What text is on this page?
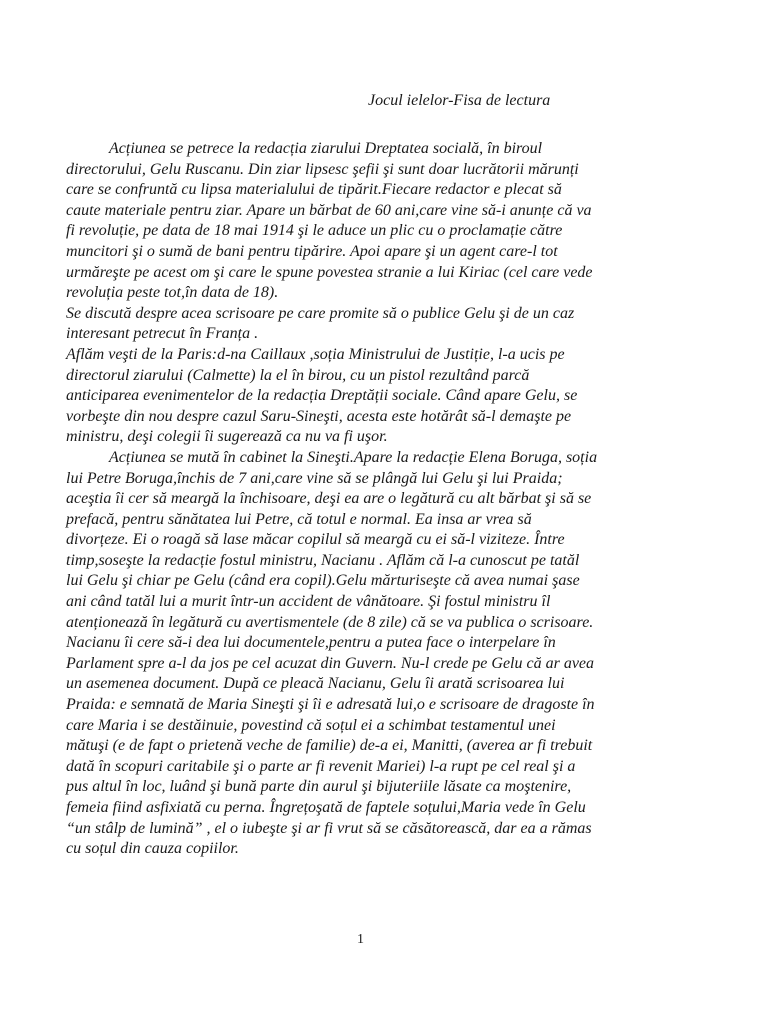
Jocul ielelor-Fisa de lectura
Acțiunea se petrece la redacția ziarului Dreptatea socială, în biroul
directorului, Gelu Ruscanu. Din ziar lipsesc şefii şi sunt doar lucrătorii mărunți
care se confruntă cu lipsa materialului de tipărit.Fiecare redactor e plecat să
caute materiale pentru ziar. Apare un bărbat de 60 ani,care vine să-i anunțe că va
fi revoluție, pe data de 18 mai 1914 şi le aduce un plic cu o proclamație către
muncitori şi o sumă de bani pentru tipărire. Apoi apare şi un agent care-l tot
urmăreşte pe acest om şi care le spune povestea stranie a lui Kiriac (cel care vede
revoluția peste tot,în data de 18).
Se discută despre acea scrisoare pe care promite să o publice Gelu şi de un caz
interesant petrecut în Franța .
Aflăm veşti de la Paris:d-na Caillaux ,soția Ministrului de Justiție, l-a ucis pe
directorul ziarului (Calmette) la el în birou, cu un pistol rezultând parcă
anticiparea evenimentelor de la redacția Dreptății sociale. Când apare Gelu, se
vorbeşte din nou despre cazul Saru-Sineşti, acesta este hotărât să-l demaşte pe
ministru, deşi colegii îi sugerează ca nu va fi uşor.
Acțiunea se mută în cabinet la Sineşti.Apare la redacție Elena Boruga, soția
lui Petre Boruga,închis de 7 ani,care vine să se plângă lui Gelu şi lui Praida;
aceştia îi cer să meargă la închisoare, deşi ea are o legătură cu alt bărbat şi să se
prefacă, pentru sănătatea lui Petre, că totul e normal. Ea insa ar vrea să
divorțeze. Ei o roagă să lase măcar copilul să meargă cu ei să-l viziteze. Între
timp,soseşte la redacție fostul ministru, Nacianu . Aflăm că l-a cunoscut pe tatăl
lui Gelu şi chiar pe Gelu (când era copil).Gelu mărturiseşte că avea numai şase
ani când tatăl lui a murit într-un accident de vânătoare. Şi fostul ministru îl
atenționează în legătură cu avertismentele (de 8 zile) că se va publica o scrisoare.
Nacianu îi cere să-i dea lui documentele,pentru a putea face o interpelare în
Parlament spre a-l da jos pe cel acuzat din Guvern. Nu-l crede pe Gelu că ar avea
un asemenea document. După ce pleacă Nacianu, Gelu îi arată scrisoarea lui
Praida: e semnată de Maria Sineşti şi îi e adresată lui,o e scrisoare de dragoste în
care Maria i se destăinuie, povestind că soțul ei a schimbat testamentul unei
mătuşi (e de fapt o prietenă veche de familie) de-a ei, Manitti, (averea ar fi trebuit
dată în scopuri caritabile şi o parte ar fi revenit Mariei) l-a rupt pe cel real şi a
pus altul în loc, luând şi bună parte din aurul şi bijuteriile lăsate ca moştenire,
femeia fiind asfixiată cu perna. Îngrețoşată de faptele soțului,Maria vede în Gelu
“un stâlp de lumină” , el o iubeşte şi ar fi vrut să se căsătorească, dar ea a rămas
cu soțul din cauza copiilor.
1
